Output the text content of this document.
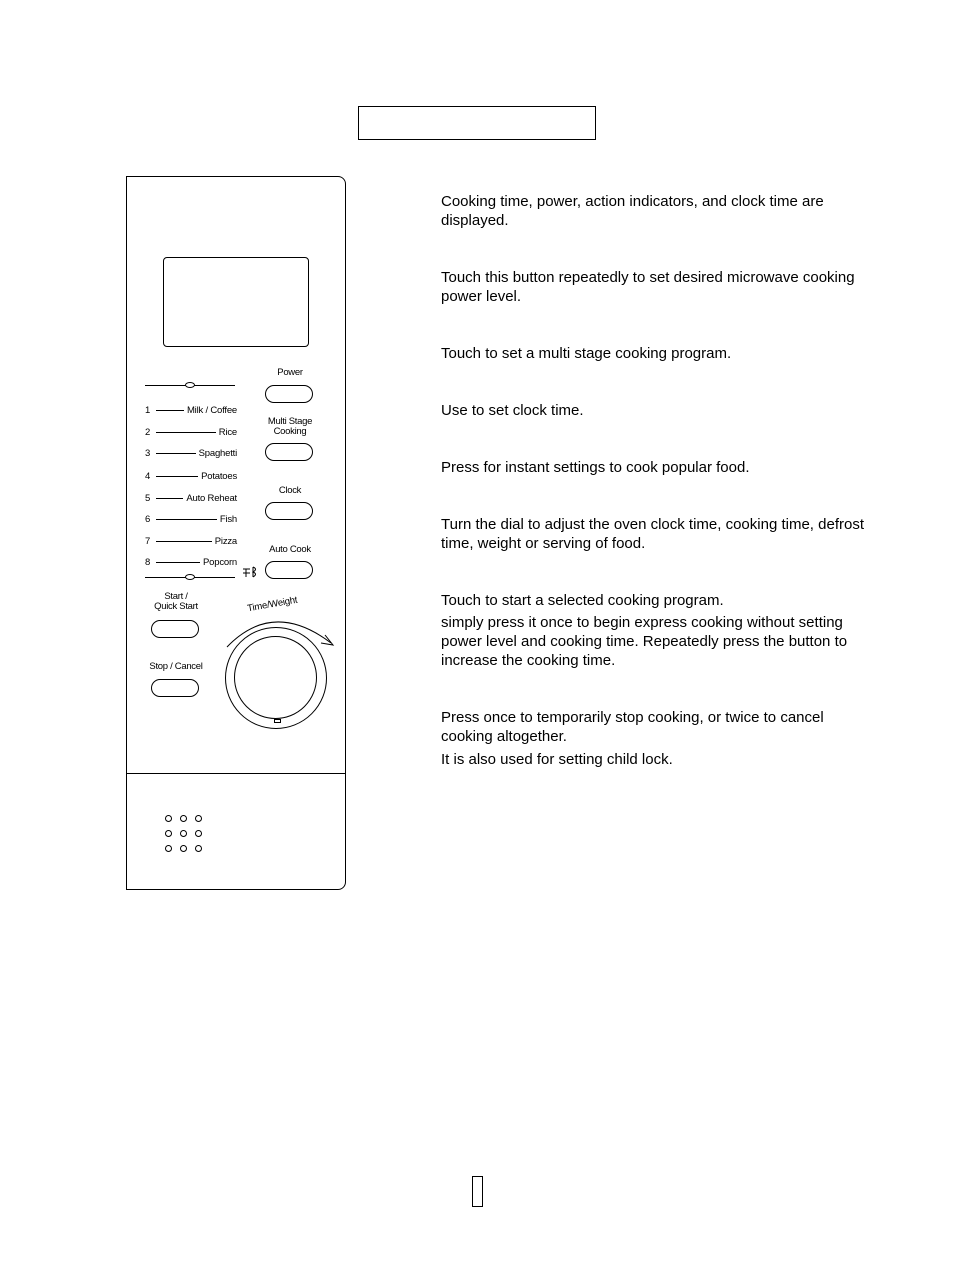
1	Milk / Coffee
2	Rice
3	Spaghetti
4	Potatoes
5	Auto Reheat
6	Fish
7	Pizza
8	Popcorn
Power
Multi Stage
Cooking
Clock
Auto Cook
Start /
Quick Start
Stop / Cancel
Time/Weight
Cooking time, power, action indicators, and clock time are displayed.
Touch this button repeatedly to set desired microwave cooking power level.
Touch to set a multi stage cooking program.
Use to set clock time.
Press for instant settings to cook popular food.
Turn the dial to adjust the oven clock time, cooking time, defrost time, weight or serving of food.
Touch to start a selected cooking program.
simply press it once to begin express cooking without setting power level and cooking time. Repeatedly press the button to increase the cooking time.
Press once to temporarily stop cooking, or twice to cancel cooking altogether.
It is also used for setting child lock.
